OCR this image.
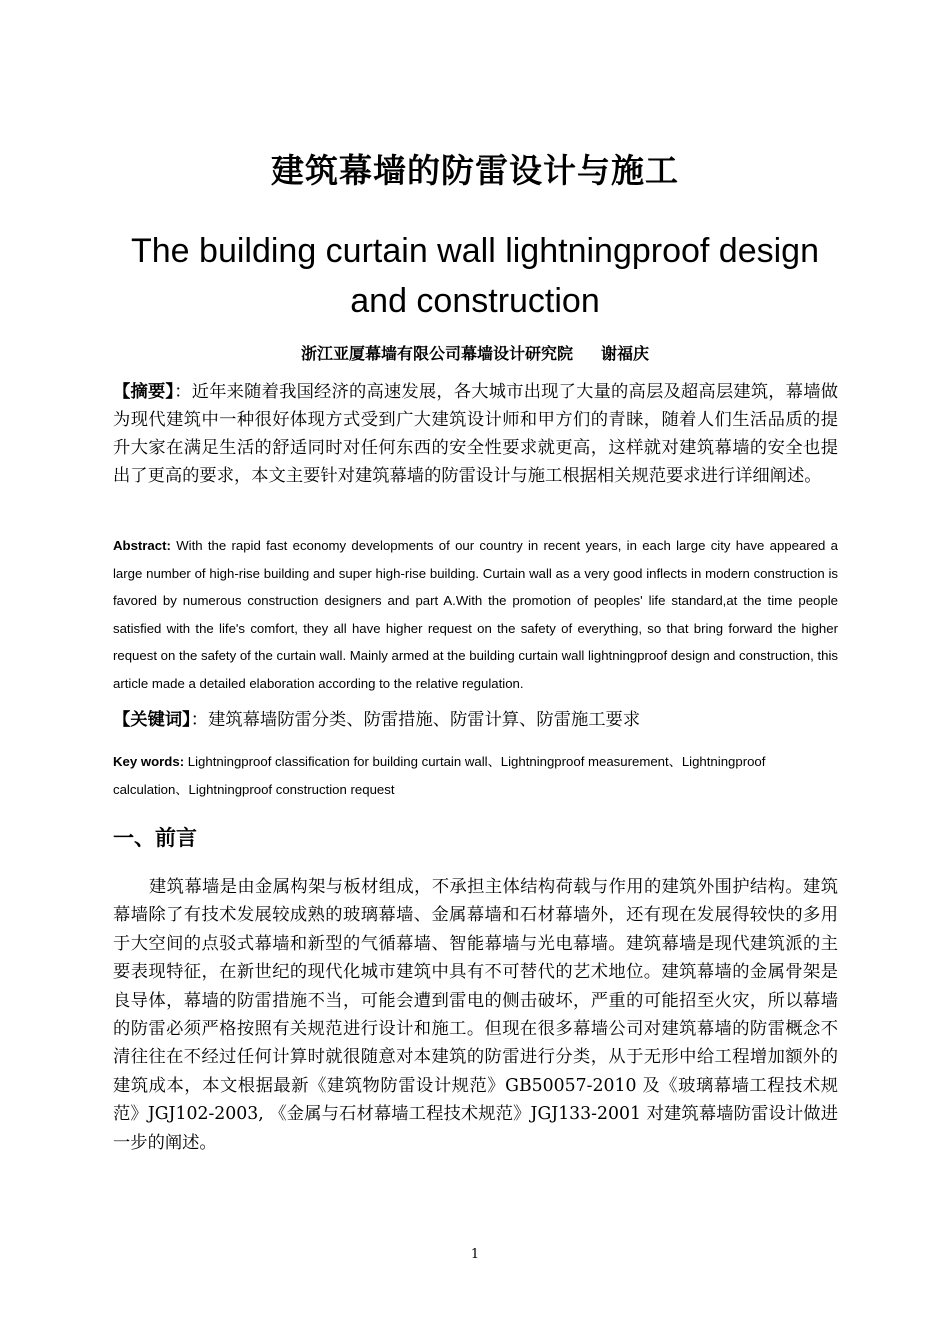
建筑幕墙的防雷设计与施工
The building curtain wall lightningproof design and construction
浙江亚厦幕墙有限公司幕墙设计研究院 谢福庆
【摘要】：近年来随着我国经济的高速发展，各大城市出现了大量的高层及超高层建筑，幕墙做为现代建筑中一种很好体现方式受到广大建筑设计师和甲方们的青睐，随着人们生活品质的提升大家在满足生活的舒适同时对任何东西的安全性要求就更高，这样就对建筑幕墙的安全也提出了更高的要求，本文主要针对建筑幕墙的防雷设计与施工根据相关规范要求进行详细阐述。
Abstract: With the rapid fast economy developments of our country in recent years, in each large city have appeared a large number of high-rise building and super high-rise building. Curtain wall as a very good inflects in modern construction is favored by numerous construction designers and part A.With the promotion of peoples' life standard,at the time people satisfied with the life's comfort, they all have higher request on the safety of everything, so that bring forward the higher request on the safety of the curtain wall. Mainly armed at the building curtain wall lightningproof design and construction, this article made a detailed elaboration according to the relative regulation.
【关键词】：建筑幕墙防雷分类、防雷措施、防雷计算、防雷施工要求
Key words: Lightningproof classification for building curtain wall、Lightningproof measurement、Lightningproof calculation、Lightningproof construction request
一、前言
建筑幕墙是由金属构架与板材组成，不承担主体结构荷载与作用的建筑外围护结构。建筑幕墙除了有技术发展较成熟的玻璃幕墙、金属幕墙和石材幕墙外，还有现在发展得较快的多用于大空间的点驳式幕墙和新型的气循幕墙、智能幕墙与光电幕墙。建筑幕墙是现代建筑派的主要表现特征，在新世纪的现代化城市建筑中具有不可替代的艺术地位。建筑幕墙的金属骨架是良导体，幕墙的防雷措施不当，可能会遭到雷电的侧击破坏，严重的可能招至火灾，所以幕墙的防雷必须严格按照有关规范进行设计和施工。但现在很多幕墙公司对建筑幕墙的防雷概念不清往往在不经过任何计算时就很随意对本建筑的防雷进行分类，从于无形中给工程增加额外的建筑成本，本文根据最新《建筑物防雷设计规范》GB50057-2010 及《玻璃幕墙工程技术规范》JGJ102-2003, 《金属与石材幕墙工程技术规范》JGJ133-2001 对建筑幕墙防雷设计做进一步的阐述。
1
